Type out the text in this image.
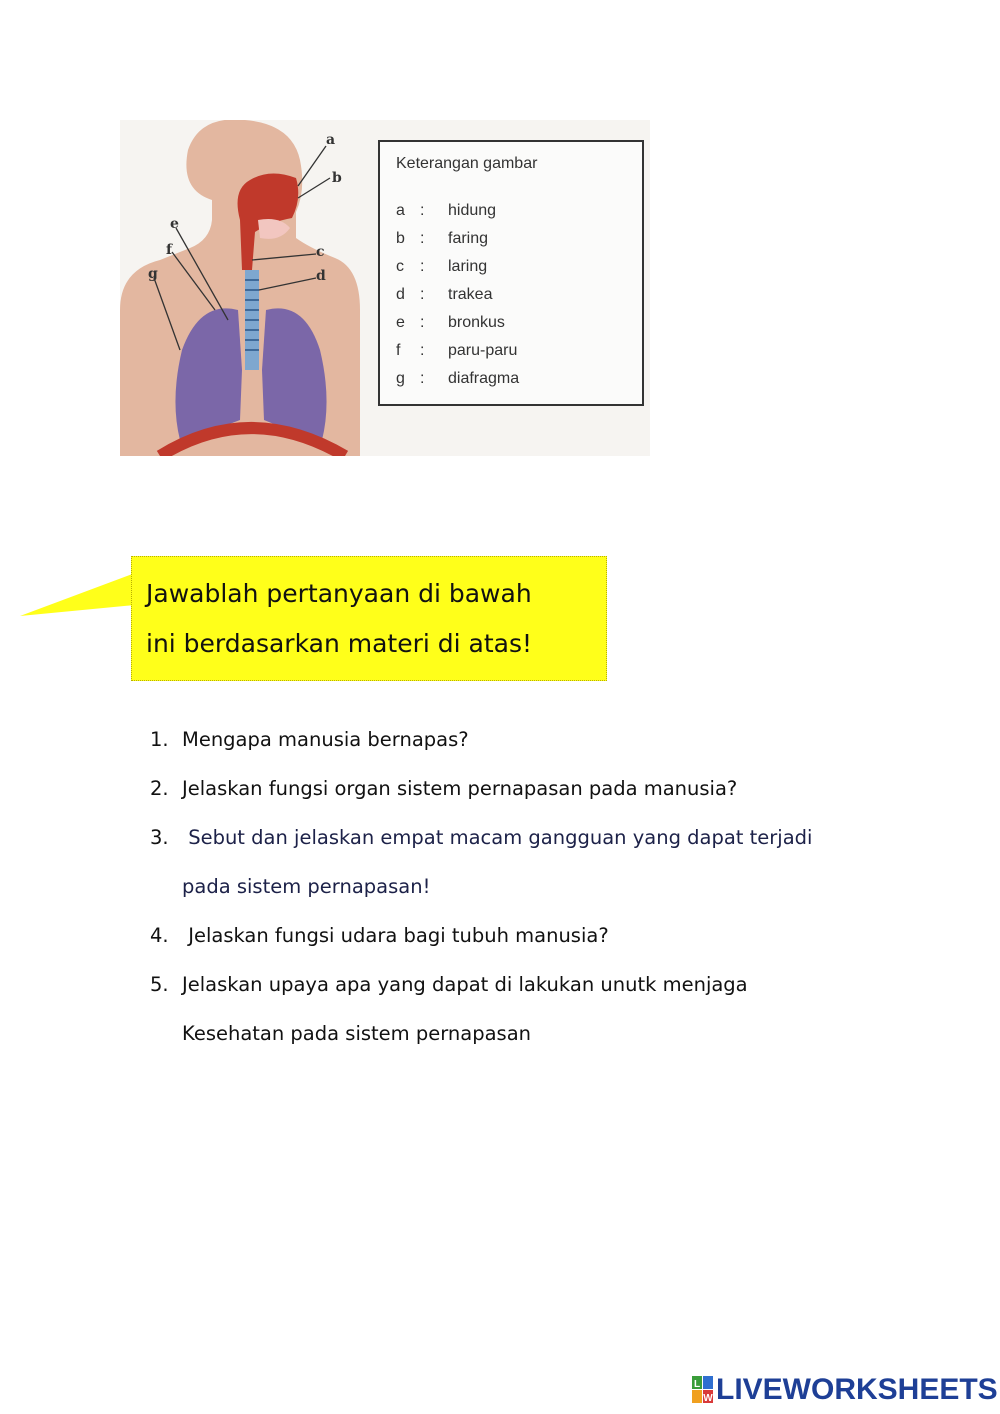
a
b
c
d
e
f
g
Keterangan gambar
a : hidung
b : faring
c : laring
d : trakea
e : bronkus
f : paru-paru
g : diafragma
Jawablah pertanyaan di bawah
ini berdasarkan materi di atas!
1. Mengapa manusia bernapas?
2. Jelaskan fungsi organ sistem pernapasan pada manusia?
3. Sebut dan jelaskan empat macam gangguan yang dapat terjadi
pada sistem pernapasan!
4. Jelaskan fungsi udara bagi tubuh manusia?
5. Jelaskan upaya apa yang dapat di lakukan unutk menjaga
Kesehatan pada sistem pernapasan
L
W LIVEWORKSHEETS
